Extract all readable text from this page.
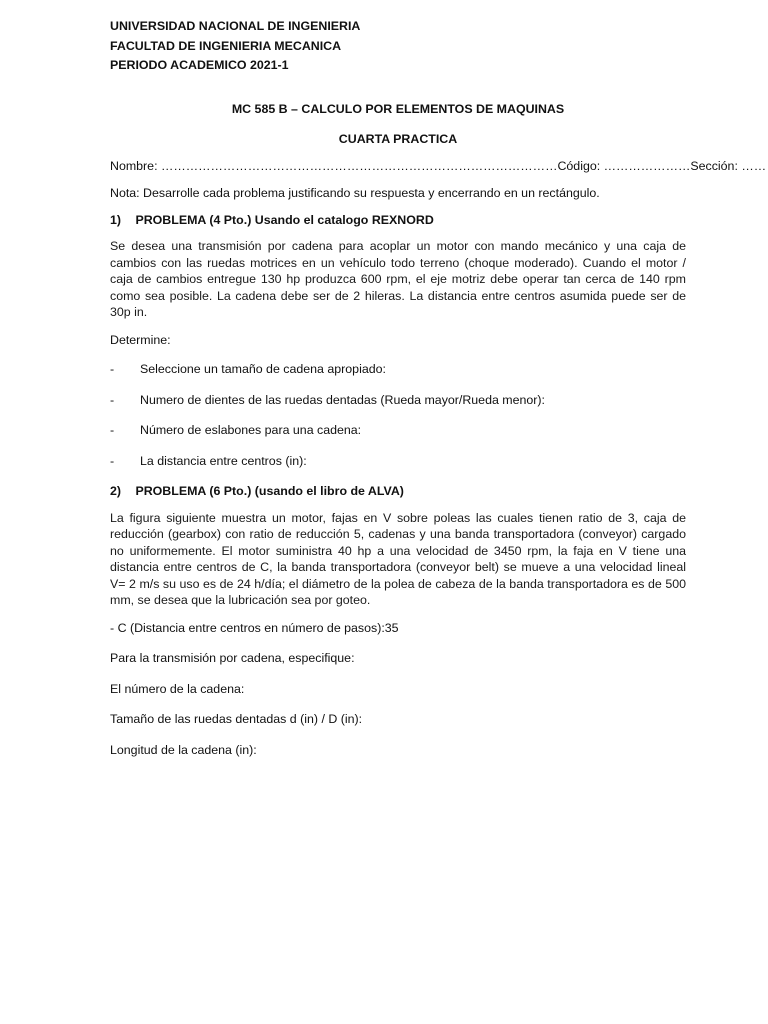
UNIVERSIDAD NACIONAL DE INGENIERIA

FACULTAD DE INGENIERIA MECANICA

PERIODO ACADEMICO 2021-1

MC 585 B – CALCULO POR ELEMENTOS DE MAQUINAS
CUARTA PRACTICA
Nombre: …………………………………………………………………………………… Código: ………………… Sección: ……
Nota: Desarrolle cada problema justificando su respuesta y encerrando en un rectángulo.
1) PROBLEMA (4 Pto.) Usando el catalogo REXNORD
Se desea una transmisión por cadena para acoplar un motor con mando mecánico y una caja de cambios con las ruedas motrices en un vehículo todo terreno (choque moderado). Cuando el motor / caja de cambios entregue 130 hp produzca 600 rpm, el eje motriz debe operar tan cerca de 140 rpm como sea posible. La cadena debe ser de 2 hileras. La distancia entre centros asumida puede ser de 30p in.
Determine:
-	Seleccione un tamaño de cadena apropiado:
-	Numero de dientes de las ruedas dentadas (Rueda mayor/Rueda menor):
-	Número de eslabones para una cadena:
-	La distancia entre centros (in):
2) PROBLEMA (6 Pto.) (usando el libro de ALVA)
La figura siguiente muestra un motor, fajas en V sobre poleas las cuales tienen ratio de 3, caja de reducción (gearbox) con ratio de reducción 5, cadenas y una banda transportadora (conveyor) cargado no uniformemente. El motor suministra 40 hp a una velocidad de 3450 rpm, la faja en V tiene una distancia entre centros de C, la banda transportadora (conveyor belt) se mueve a una velocidad lineal V= 2 m/s su uso es de 24 h/día; el diámetro de la polea de cabeza de la banda transportadora es de 500 mm, se desea que la lubricación sea por goteo.
- C (Distancia entre centros en número de pasos):35
Para la transmisión por cadena, especifique:
El número de la cadena:
Tamaño de las ruedas dentadas d (in) / D (in):
Longitud de la cadena (in):
